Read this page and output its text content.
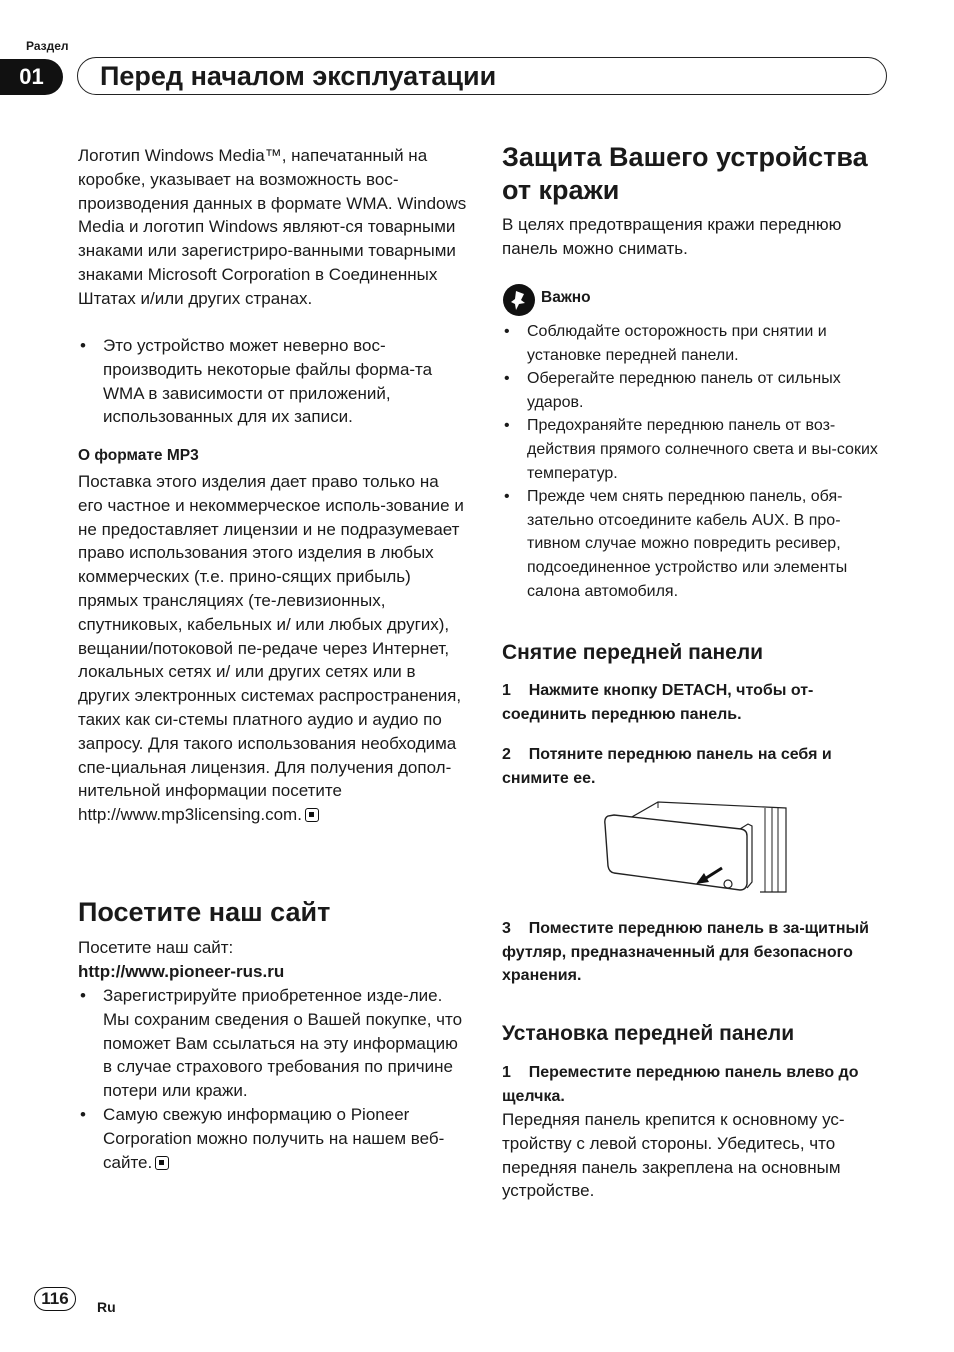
Раздел
01	Перед началом эксплуатации

Логотип Windows Media™, напечатанный на коробке, указывает на возможность вос-производения данных в формате WMA. Windows Media и логотип Windows являют-ся товарными знаками или зарегистриро-ванными товарными знаками Microsoft Corporation в Соединенных Штатах и/или других странах.

• Это устройство может неверно вос-производить некоторые файлы форма-та WMA в зависимости от приложений, использованных для их записи.
О формате MP3

Поставка этого изделия дает право только на его частное и некоммерческое исполь-зование и не предоставляет лицензии и не подразумевает право использования этого изделия в любых коммерческих (т.е. прино-сящих прибыль) прямых трансляциях (те-левизионных, спутниковых, кабельных и/ или любых других), вещании/потоковой пе-редаче через Интернет, локальных сетях и/ или других сетях или в других электронных системах распространения, таких как си-стемы платного аудио и аудио по запросу. Для такого использования необходима спе-циальная лицензия. Для получения допол-нительной информации посетите http://www.mp3licensing.com.

Посетите наш сайт
Посетите наш сайт:
http://www.pioneer-rus.ru
• Зарегистрируйте приобретенное изде-лие. Мы сохраним сведения о Вашей покупке, что поможет Вам ссылаться на эту информацию в случае страхового требования по причине потери или кражи.
• Самую свежую информацию о Pioneer Corporation можно получить на нашем веб-сайте.
Защита Вашего устройства от кражи

В целях предотвращения кражи переднюю панель можно снимать.

Важно
• Соблюдайте осторожность при снятии и установке передней панели.
• Оберегайте переднюю панель от сильных ударов.
• Предохраняйте переднюю панель от воз-действия прямого солнечного света и вы-соких температур.
• Прежде чем снять переднюю панель, обя-зательно отсоедините кабель AUX. В про-тивном случае можно повредить ресивер, подсоединенное устройство или элементы салона автомобиля.
Снятие передней панели
1 Нажмите кнопку DETACH, чтобы от-соединить переднюю панель.
2 Потяните переднюю панель на себя и снимите ее.
3 Поместите переднюю панель в за-щитный футляр, предназначенный для безопасного хранения.
Установка передней панели
1 Переместите переднюю панель влево до щелчка.

Передняя панель крепится к основному ус-тройству с левой стороны. Убедитесь, что передняя панель закреплена на основным устройстве.

116	Ru
